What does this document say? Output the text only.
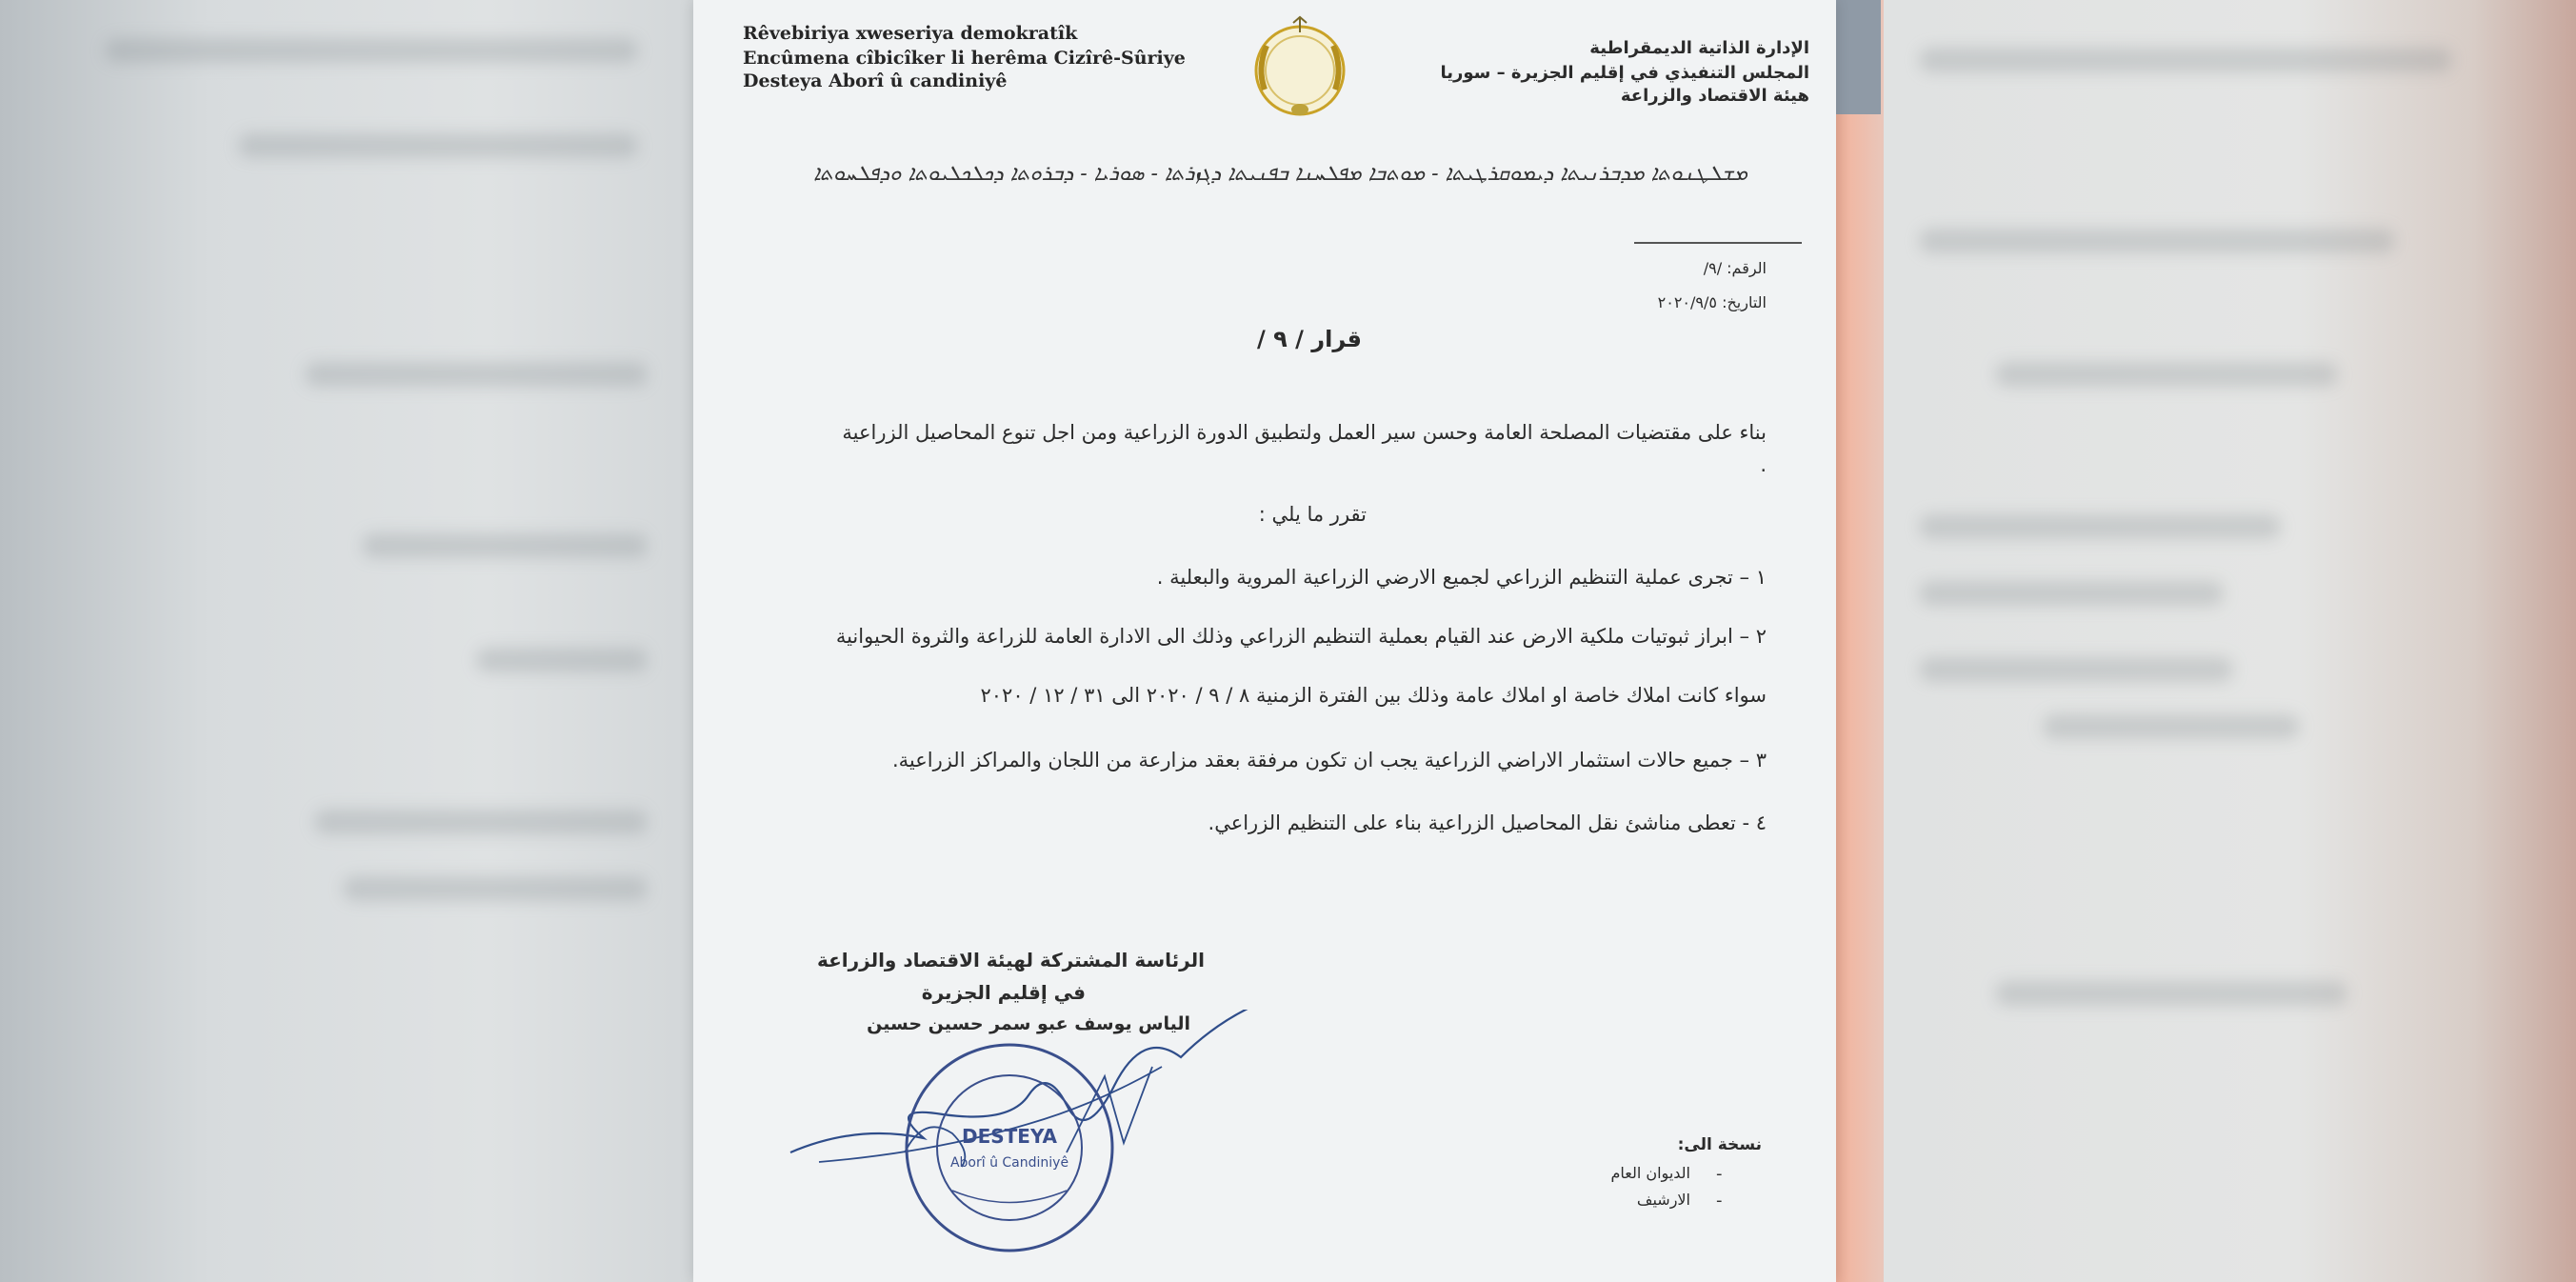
Rêvebiriya xweseriya demokratîk
Encûmena cîbicîker li herêma Cizîrê-Sûriye
Desteya Aborî û candiniyê
الإدارة الذاتية الديمقراطية
المجلس التنفيذي في إقليم الجزيرة – سوريا
هيئة الاقتصاد والزراعة
ܡܫܠܛܢܘܬܐ ܡܕܒܪܢܝܬܐ ܕܝܡܘܩܪܛܝܬܐ - ܡܘܬܒܐ ܡܦܠܚܢܐ ܒܦܢܝܬܐ ܕܓܙܪܬܐ - ܣܘܪܝܐ - ܕܒܪܘܬܐ ܕܟܠܟܠܝܘܬܐ ܘܕܦܠܚܘܬܐ
الرقم: /٩/
التاريخ: ٢٠٢٠/٩/٥
قرار / ٩ /
بناء على مقتضيات المصلحة العامة وحسن سير العمل ولتطبيق الدورة الزراعية ومن اجل تنوع المحاصيل الزراعية
.
تقرر ما يلي :
١ – تجرى عملية التنظيم الزراعي لجميع الارضي الزراعية المروية والبعلية .
٢ – ابراز ثبوتيات ملكية الارض عند القيام بعملية التنظيم الزراعي وذلك الى الادارة العامة للزراعة والثروة الحيوانية
سواء كانت املاك خاصة او املاك عامة وذلك بين الفترة الزمنية ٨ / ٩ / ٢٠٢٠ الى ٣١ / ١٢ / ٢٠٢٠
٣ – جميع حالات استثمار الاراضي الزراعية يجب ان تكون مرفقة بعقد مزارعة من اللجان والمراكز الزراعية.
٤ - تعطى مناشئ نقل المحاصيل الزراعية بناء على التنظيم الزراعي.
الرئاسة المشتركة لهيئة الاقتصاد والزراعة
في إقليم الجزيرة
الياس يوسف عبو سمر حسين حسين
DESTEYA
Aborî û Candiniyê
نسخة الى:
-
الديوان العام
-
الارشيف
